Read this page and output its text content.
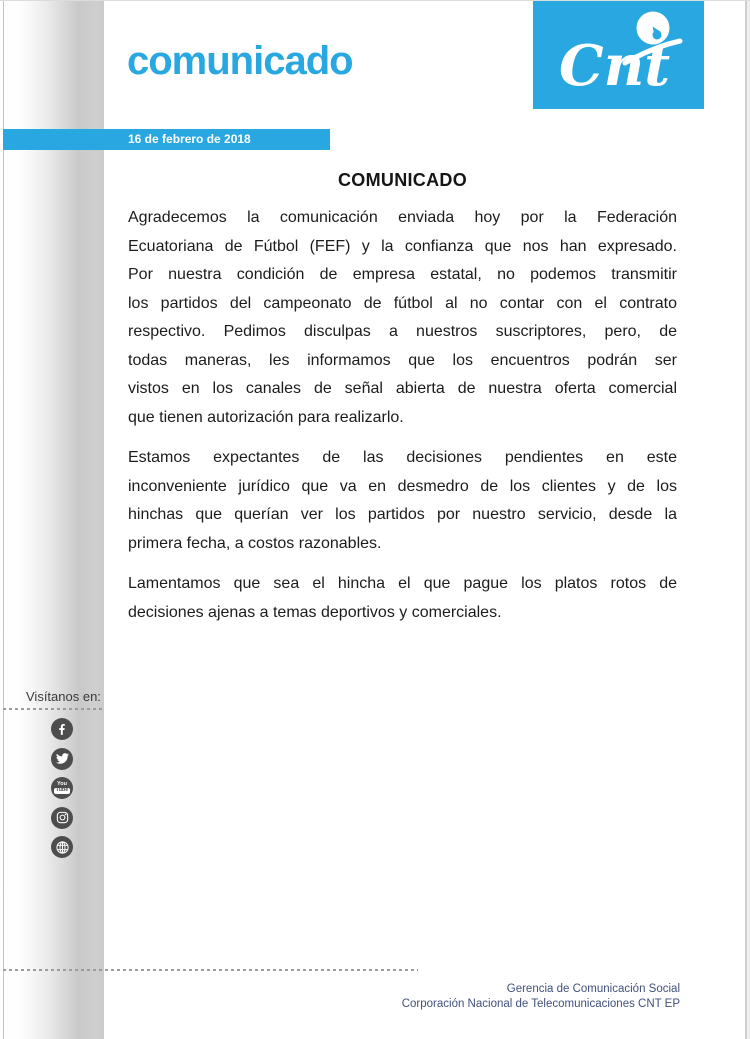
comunicado	Cnt
16 de febrero de 2018
COMUNICADO

Agradecemos la comunicación enviada hoy por la Federación
Ecuatoriana de Fútbol (FEF) y la confianza que nos han expresado.
Por nuestra condición de empresa estatal, no podemos transmitir
los partidos del campeonato de fútbol al no contar con el contrato
respectivo. Pedimos disculpas a nuestros suscriptores, pero, de
todas maneras, les informamos que los encuentros podrán ser
vistos en los canales de señal abierta de nuestra oferta comercial
que tienen autorización para realizarlo.

Estamos expectantes de las decisiones pendientes en este
inconveniente jurídico que va en desmedro de los clientes y de los
hinchas que querían ver los partidos por nuestro servicio, desde la
primera fecha, a costos razonables.

Lamentamos que sea el hincha el que pague los platos rotos de
decisiones ajenas a temas deportivos y comerciales.

Visítanos en:
You
Tube
Gerencia de Comunicación Social
Corporación Nacional de Telecomunicaciones CNT EP
